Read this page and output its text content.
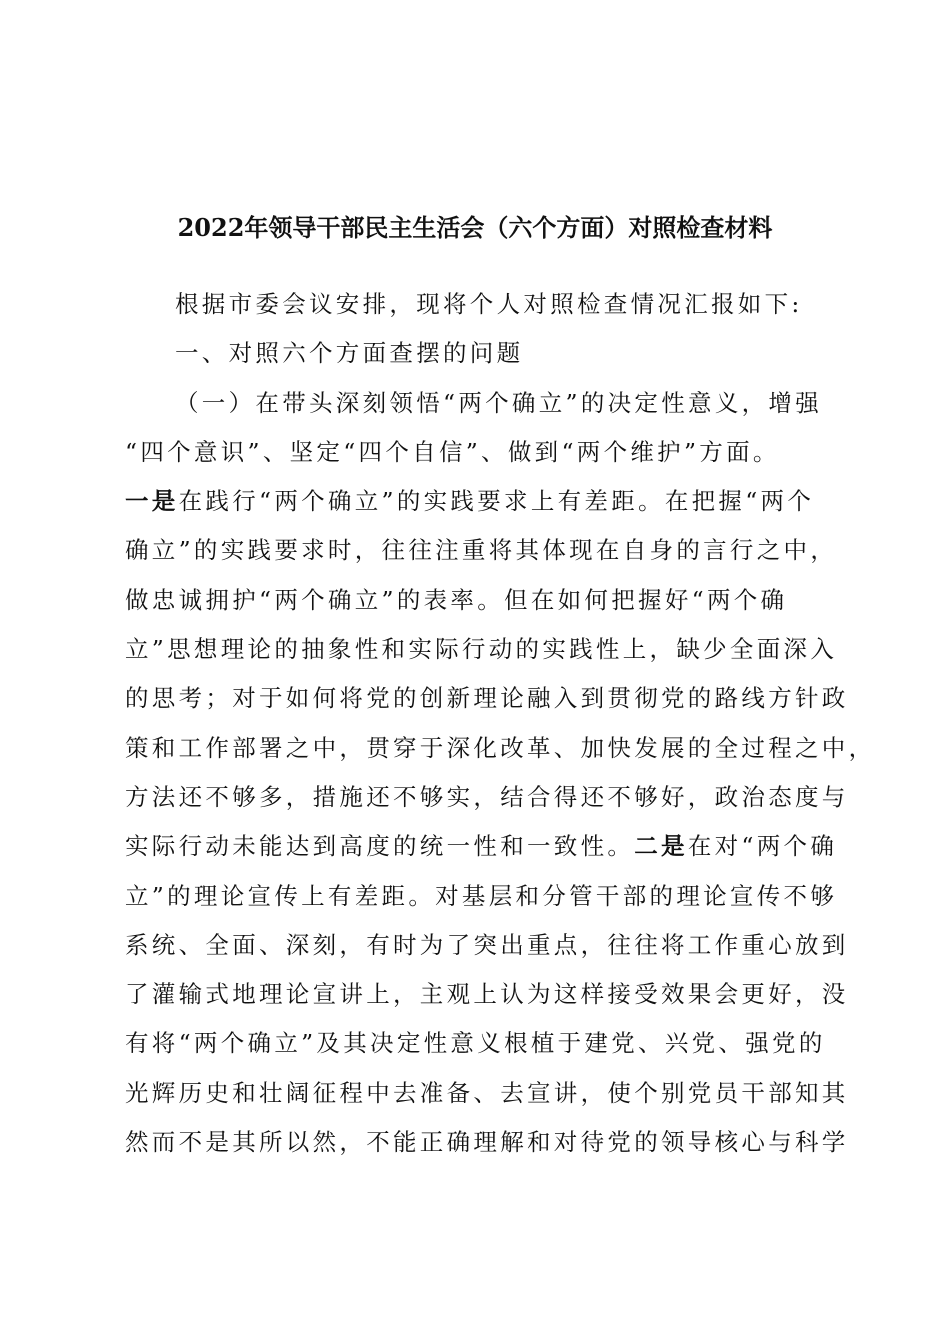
2022年领导干部民主生活会（六个方面）对照检查材料

根据市委会议安排，现将个人对照检查情况汇报如下:

一、对照六个方面查摆的问题

（一）在带头深刻领悟“两个确立”的决定性意义，增强

“四个意识”、坚定“四个自信”、做到“两个维护”方面。

一是在践行“两个确立”的实践要求上有差距。在把握“两个

确立”的实践要求时，往往注重将其体现在自身的言行之中，

做忠诚拥护“两个确立”的表率。但在如何把握好“两个确

立”思想理论的抽象性和实际行动的实践性上，缺少全面深入

的思考；对于如何将党的创新理论融入到贯彻党的路线方针政

策和工作部署之中，贯穿于深化改革、加快发展的全过程之中，

方法还不够多，措施还不够实，结合得还不够好，政治态度与

实际行动未能达到高度的统一性和一致性。二是在对“两个确

立”的理论宣传上有差距。对基层和分管干部的理论宣传不够

系统、全面、深刻，有时为了突出重点，往往将工作重心放到

了灌输式地理论宣讲上，主观上认为这样接受效果会更好，没

有将“两个确立”及其决定性意义根植于建党、兴党、强党的

光辉历史和壮阔征程中去准备、去宣讲，使个别党员干部知其

然而不是其所以然，不能正确理解和对待党的领导核心与科学
